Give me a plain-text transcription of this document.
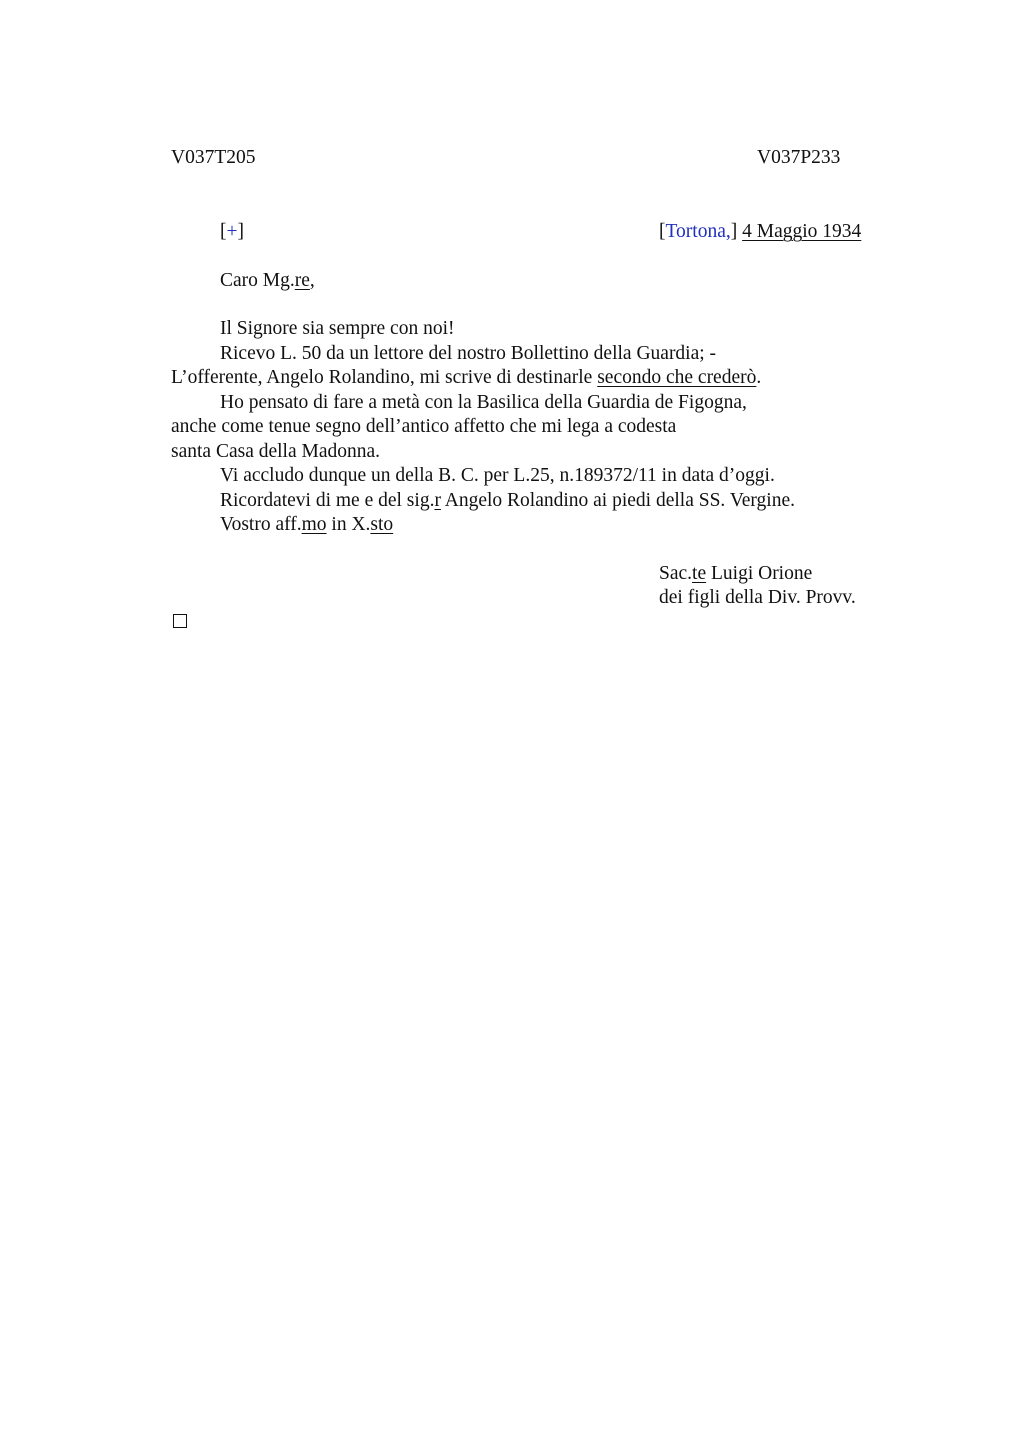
V037T205	V037P233
[+]	[Tortona,] 4 Maggio 1934
Caro Mg.re,
Il Signore sia sempre con noi!
Ricevo L. 50 da un lettore del nostro Bollettino della Guardia; -
L’offerente, Angelo Rolandino, mi scrive di destinarle secondo che crederò.
Ho pensato di fare a metà con la Basilica della Guardia de Figogna,
anche come tenue segno dell’antico affetto che mi lega a codesta
santa Casa della Madonna.
Vi accludo dunque un della B. C. per L.25, n.189372/11 in data d’oggi.
Ricordatevi di me e del sig.r Angelo Rolandino ai piedi della SS. Vergine.
Vostro aff.mo in X.sto
Sac.te Luigi Orione
dei figli della Div. Provv.
